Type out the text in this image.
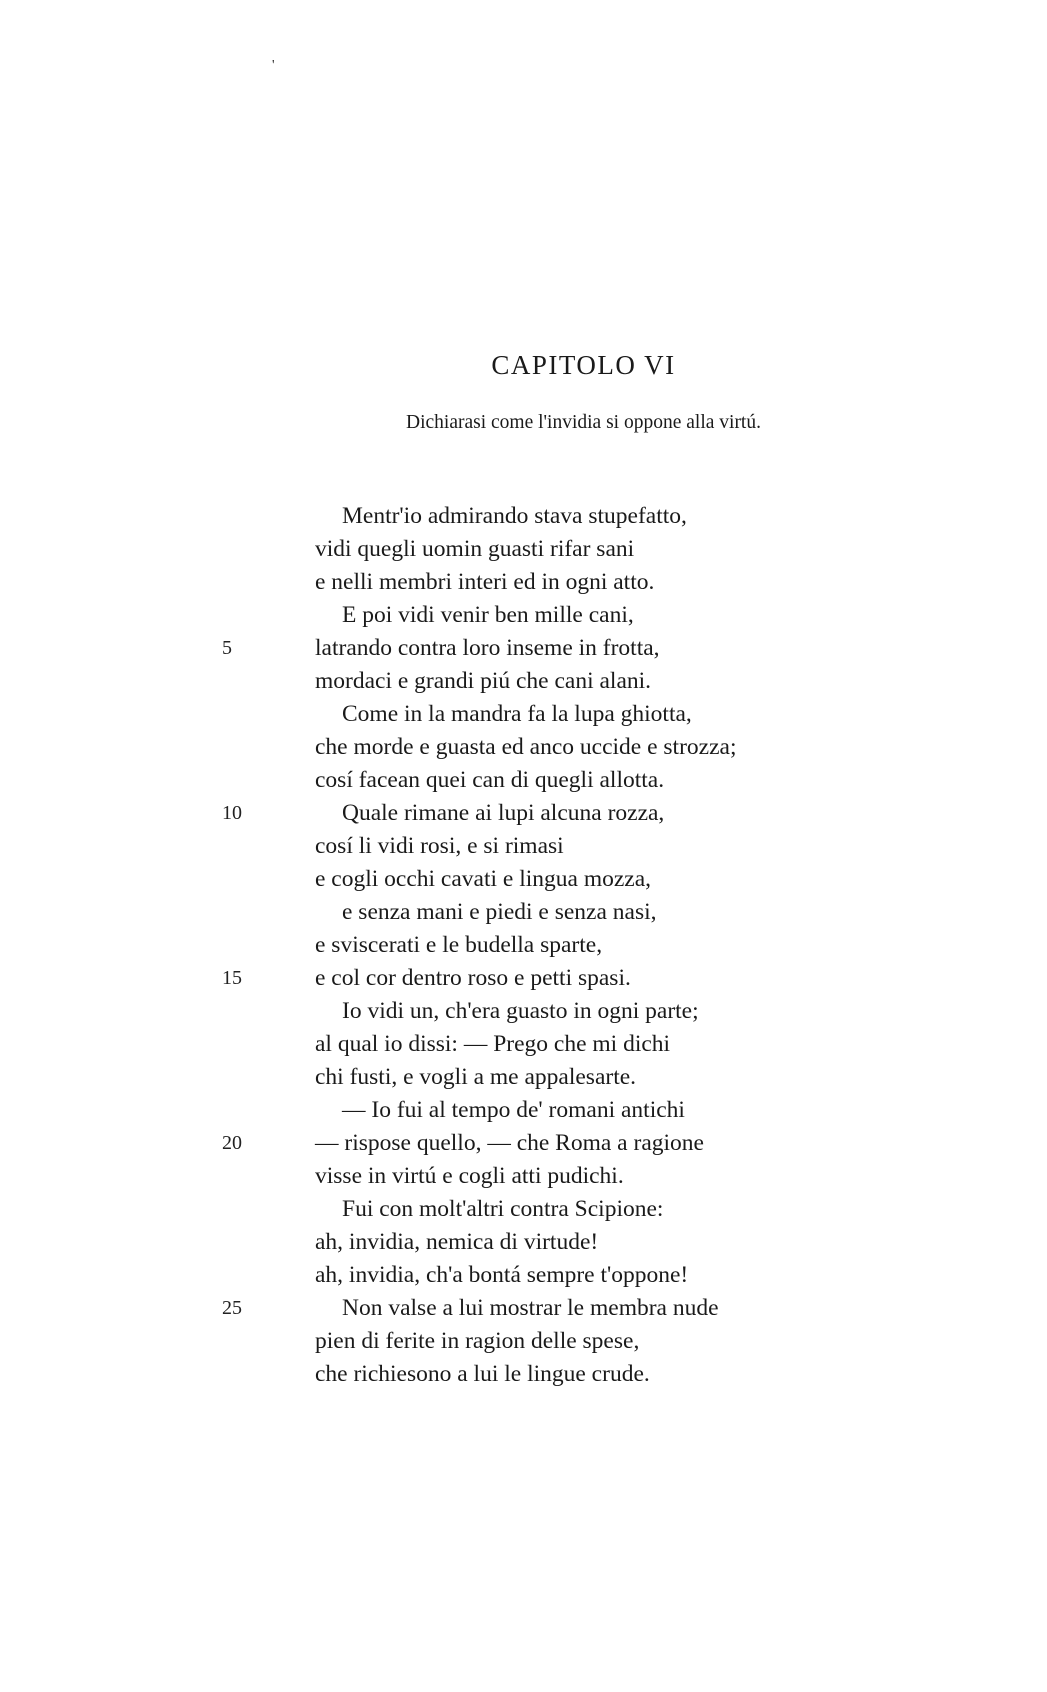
'
CAPITOLO VI
Dichiarasi come l'invidia si oppone alla virtú.
Mentr'io admirando stava stupefatto,
vidi quegli uomin guasti rifar sani
e nelli membri interi ed in ogni atto.
E poi vidi venir ben mille cani,
5	latrando contra loro inseme in frotta,
mordaci e grandi piú che cani alani.
Come in la mandra fa la lupa ghiotta,
che morde e guasta ed anco uccide e strozza;
cosí facean quei can di quegli allotta.
10	Quale rimane ai lupi alcuna rozza,
cosí li vidi rosi, e si rimasi
e cogli occhi cavati e lingua mozza,
e senza mani e piedi e senza nasi,
e sviscerati e le budella sparte,
15	e col cor dentro roso e petti spasi.
Io vidi un, ch'era guasto in ogni parte;
al qual io dissi: — Prego che mi dichi
chi fusti, e vogli a me appalesarte.
— Io fui al tempo de' romani antichi
20	— rispose quello, — che Roma a ragione
visse in virtú e cogli atti pudichi.
Fui con molt'altri contra Scipione:
ah, invidia, nemica di virtude!
ah, invidia, ch'a bontá sempre t'oppone!
25	Non valse a lui mostrar le membra nude
pien di ferite in ragion delle spese,
che richiesono a lui le lingue crude.
